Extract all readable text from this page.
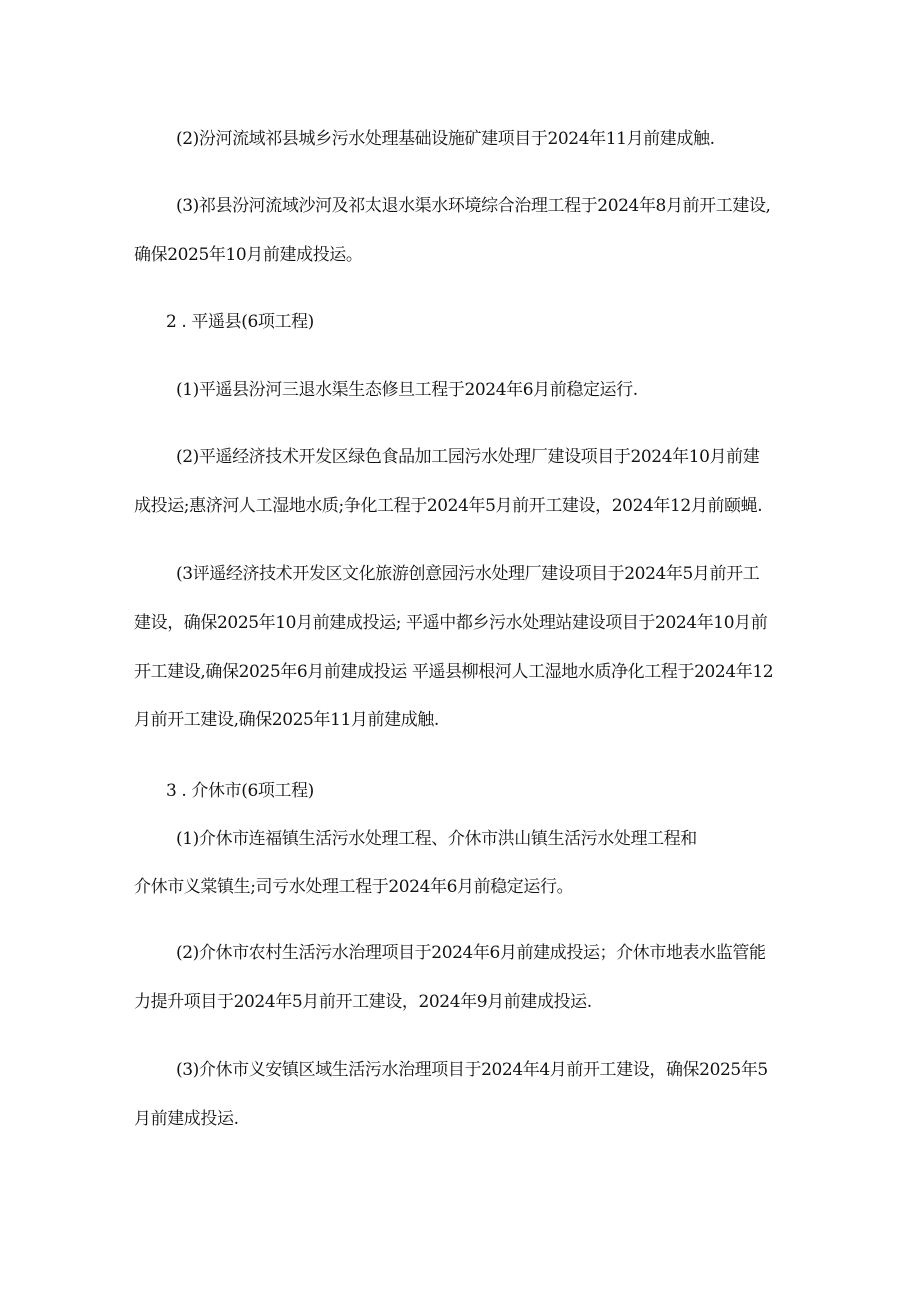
(2)汾河流域祁县城乡污水处理基础设施矿建项目于2024年11月前建成触.
(3)祁县汾河流域沙河及祁太退水渠水环境综合治理工程于2024年8月前开工建设,
确保2025年10月前建成投运。
2 . 平遥县(6项工程)
(1)平遥县汾河三退水渠生态修旦工程于2024年6月前稳定运行.
(2)平遥经济技术开发区绿色食品加工园污水处理厂建设项目于2024年10月前建
成投运;惠济河人工湿地水质;争化工程于2024年5月前开工建设，2024年12月前颐蝇.
(3评遥经济技术开发区文化旅游创意园污水处理厂建设项目于2024年5月前开工
建设，确保2025年10月前建成投运; 平遥中都乡污水处理站建设项目于2024年10月前
开工建设,确保2025年6月前建成投运 平遥县柳根河人工湿地水质净化工程于2024年12
月前开工建设,确保2025年11月前建成触.
3 . 介休市(6项工程)
(1)介休市连福镇生活污水处理工程、介休市洪山镇生活污水处理工程和
介休市义棠镇生;司亏水处理工程于2024年6月前稳定运行。
(2)介休市农村生活污水治理项目于2024年6月前建成投运；介休市地表水监管能
力提升项目于2024年5月前开工建设，2024年9月前建成投运.
(3)介休市义安镇区域生活污水治理项目于2024年4月前开工建设，确保2025年5
月前建成投运.
